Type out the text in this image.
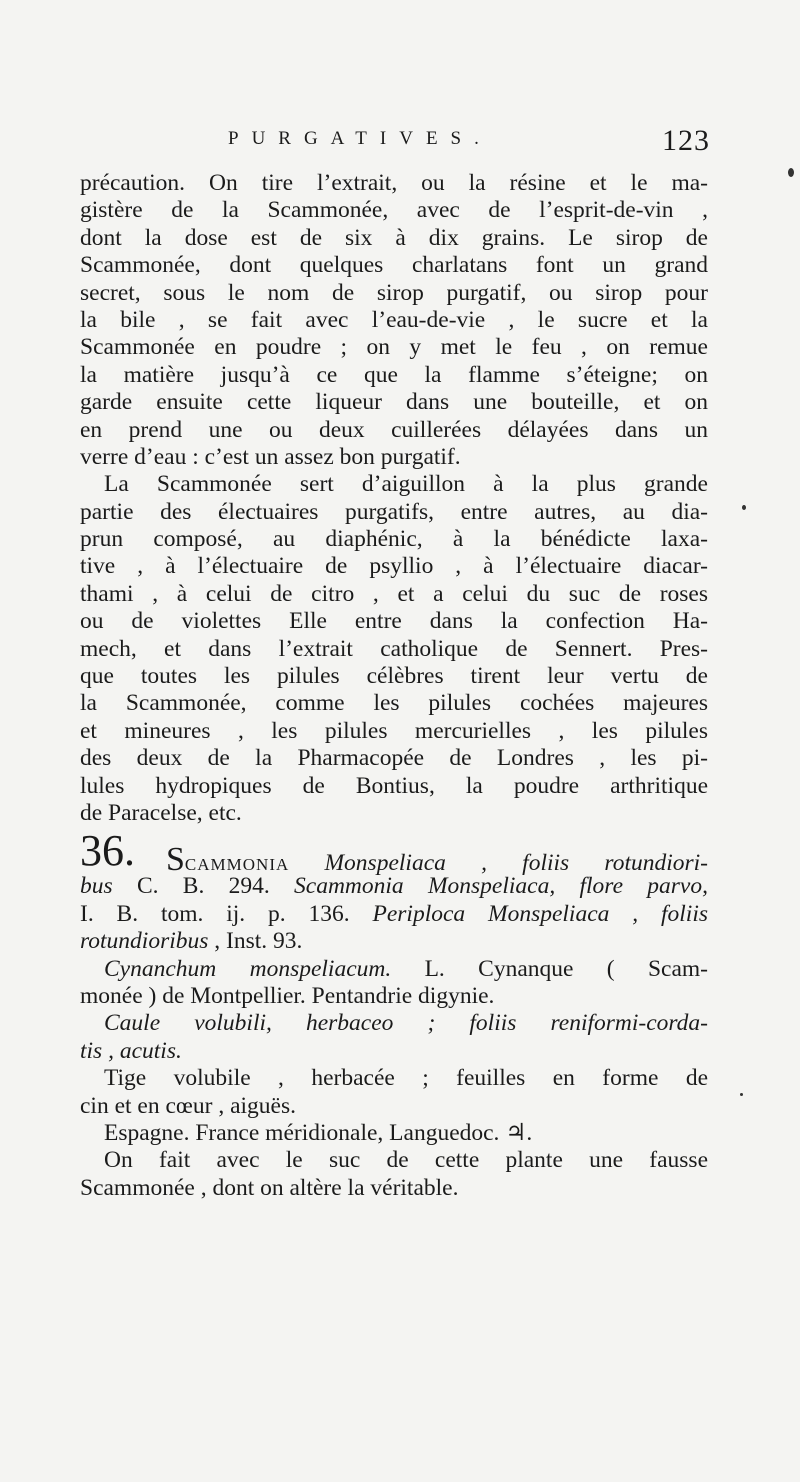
PURGATIVES.	123
précaution. On tire l’extrait, ou la résine et le ma-
gistère de la Scammonée, avec de l’esprit-de-vin ,
dont la dose est de six à dix grains. Le sirop de
Scammonée, dont quelques charlatans font un grand
secret, sous le nom de sirop purgatif, ou sirop pour
la bile , se fait avec l’eau-de-vie , le sucre et la
Scammonée en poudre ; on y met le feu , on remue
la matière jusqu’à ce que la flamme s’éteigne; on
garde ensuite cette liqueur dans une bouteille, et on
en prend une ou deux cuillerées délayées dans un
verre d’eau : c’est un assez bon purgatif.
La Scammonée sert d’aiguillon à la plus grande
partie des électuaires purgatifs, entre autres, au dia-
prun composé, au diaphénic, à la bénédicte laxa-
tive , à l’électuaire de psyllio , à l’électuaire diacar-
thami , à celui de citro , et a celui du suc de roses
ou de violettes Elle entre dans la confection Ha-
mech, et dans l’extrait catholique de Sennert. Pres-
que toutes les pilules célèbres tirent leur vertu de
la Scammonée, comme les pilules cochées majeures
et mineures , les pilules mercurielles , les pilules
des deux de la Pharmacopée de Londres , les pi-
lules hydropiques de Bontius, la poudre arthritique
de Paracelse, etc.
36. SCAMMONIA Monspeliaca , foliis rotundiori-
bus C. B. 294. Scammonia Monspeliaca, flore parvo,
I. B. tom. ij. p. 136. Periploca Monspeliaca , foliis
rotundioribus , Inst. 93.
Cynanchum monspeliacum. L. Cynanque ( Scam-
monée ) de Montpellier. Pentandrie digynie.
Caule volubili, herbaceo ; foliis reniformi-corda-
tis , acutis.
Tige volubile , herbacée ; feuilles en forme de
cin et en cœur , aiguës.
Espagne. France méridionale, Languedoc. ♃.
On fait avec le suc de cette plante une fausse
Scammonée , dont on altère la véritable.
